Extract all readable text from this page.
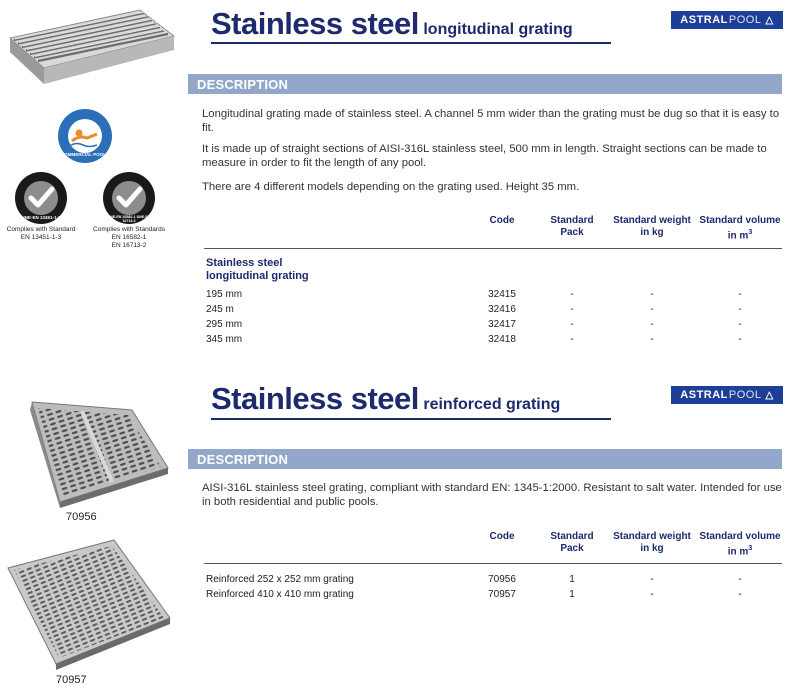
COMMERCIAL POOLS
UNE-EN 13451-1-3
Complies with Standard
EN 13451-1-3
UNE-EN 16582-1 UNE-EN 16713-2
Complies with Standards
EN 16582-1
EN 16713-2
70956
70957
Stainless steel longitudinal grating
ASTRAL POOL △
DESCRIPTION
Longitudinal grating made of stainless steel. A channel 5 mm wider than the grating must be dug so that it is easy to fit.
It is made up of straight sections of AISI-316L stainless steel, 500 mm in length. Straight sections can be made to measure in order to fit the length of any pool.
There are 4 different models depending on the grating used. Height 35 mm.
Code	Standard Pack
Standard weight in kg
Standard volume
in $m^3$
Stainless steel longitudinal grating
195 mm	32415	-	-	-
245 m	32416	-	-	-
295 mm	32417	-	-	-
345 mm	32418	-	-	-
Stainless steel reinforced grating
ASTRAL POOL △
DESCRIPTION
AISI-316L stainless steel grating, compliant with standard EN: 1345-1:2000. Resistant to salt water. Intended for use in both residential and public pools.
Code	Standard Pack
Standard weight in kg
Standard volume
in $m^3$
Reinforced 252 x 252 mm grating	70956	1	-	-
Reinforced 410 x 410 mm grating	70957	1	-	-
